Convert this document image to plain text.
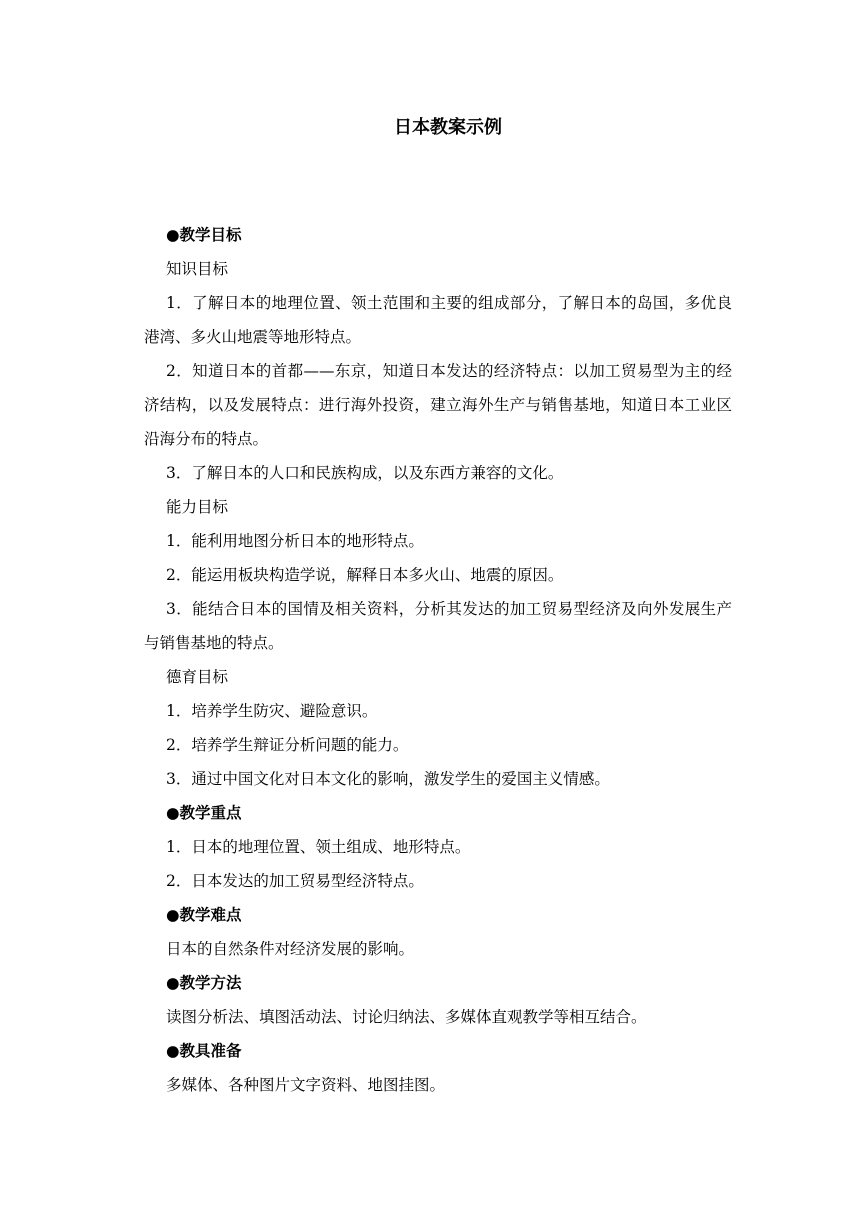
日本教案示例

●教学目标

知识目标

1．了解日本的地理位置、领土范围和主要的组成部分，了解日本的岛国，多优良港湾、多火山地震等地形特点。

2．知道日本的首都——东京，知道日本发达的经济特点：以加工贸易型为主的经济结构，以及发展特点：进行海外投资，建立海外生产与销售基地，知道日本工业区沿海分布的特点。

3．了解日本的人口和民族构成，以及东西方兼容的文化。

能力目标

1．能利用地图分析日本的地形特点。

2．能运用板块构造学说，解释日本多火山、地震的原因。

3．能结合日本的国情及相关资料，分析其发达的加工贸易型经济及向外发展生产与销售基地的特点。

德育目标

1．培养学生防灾、避险意识。

2．培养学生辩证分析问题的能力。

3．通过中国文化对日本文化的影响，激发学生的爱国主义情感。

●教学重点

1．日本的地理位置、领土组成、地形特点。

2．日本发达的加工贸易型经济特点。

●教学难点

日本的自然条件对经济发展的影响。

●教学方法

读图分析法、填图活动法、讨论归纳法、多媒体直观教学等相互结合。

●教具准备

多媒体、各种图片文字资料、地图挂图。
